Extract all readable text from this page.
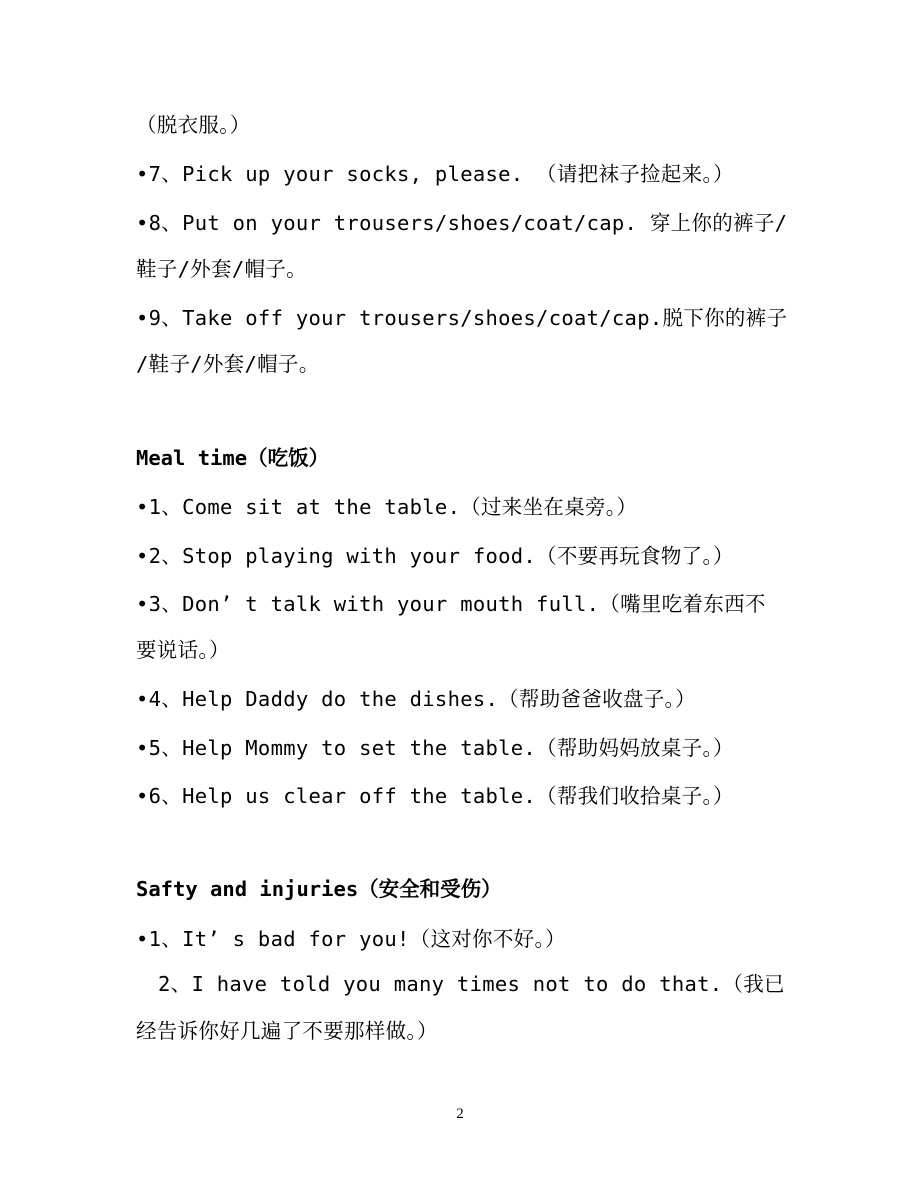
（脱衣服。）
•7、Pick up your socks, please. （请把袜子捡起来。）
•8、Put on your trousers/shoes/coat/cap. 穿上你的裤子/
鞋子/外套/帽子。
•9、Take off your trousers/shoes/coat/cap.脱下你的裤子
/鞋子/外套/帽子。
Meal time（吃饭）
•1、Come sit at the table.（过来坐在桌旁。）
•2、Stop playing with your food.（不要再玩食物了。）
•3、Don’ t talk with your mouth full.（嘴里吃着东西不
要说话。）
•4、Help Daddy do the dishes.（帮助爸爸收盘子。）
•5、Help Mommy to set the table.（帮助妈妈放桌子。）
•6、Help us clear off the table.（帮我们收拾桌子。）
Safty and injuries（安全和受伤）
•1、It’ s bad for you!（这对你不好。）
2、I have told you many times not to do that.（我已
经告诉你好几遍了不要那样做。）
2
